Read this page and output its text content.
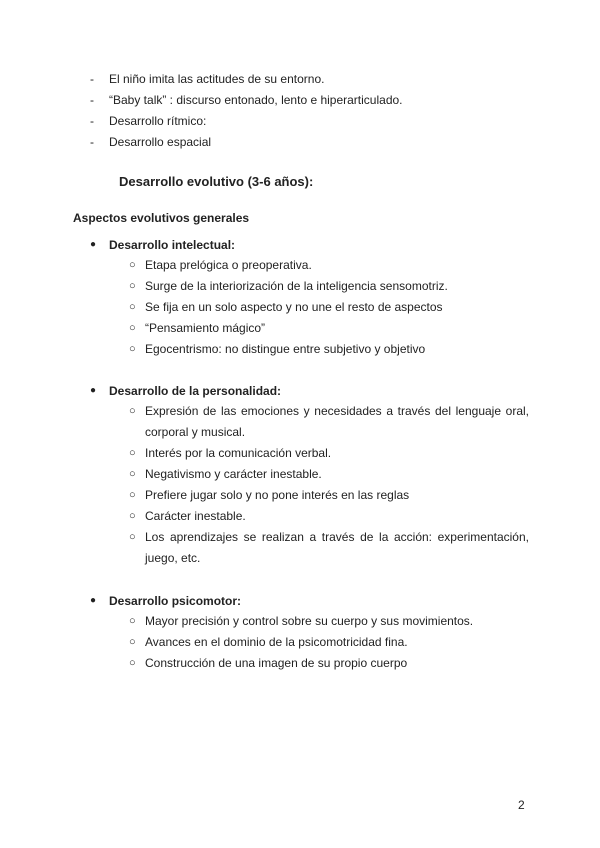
- El niño imita las actitudes de su entorno.
- “Baby talk” : discurso entonado, lento e hiperarticulado.
- Desarrollo rítmico:
- Desarrollo espacial
Desarrollo evolutivo (3-6 años):
Aspectos evolutivos generales
● Desarrollo intelectual:
○ Etapa prelógica o preoperativa.
○ Surge de la interiorización de la inteligencia sensomotriz.
○ Se fija en un solo aspecto y no une el resto de aspectos
○ “Pensamiento mágico”
○ Egocentrismo: no distingue entre subjetivo y objetivo
● Desarrollo de la personalidad:
○ Expresión de las emociones y necesidades a través del lenguaje oral, corporal y musical.
○ Interés por la comunicación verbal.
○ Negativismo y carácter inestable.
○ Prefiere jugar solo y no pone interés en las reglas
○ Carácter inestable.
○ Los aprendizajes se realizan a través de la acción: experimentación, juego, etc.
● Desarrollo psicomotor:
○ Mayor precisión y control sobre su cuerpo y sus movimientos.
○ Avances en el dominio de la psicomotricidad fina.
○ Construcción de una imagen de su propio cuerpo
2
